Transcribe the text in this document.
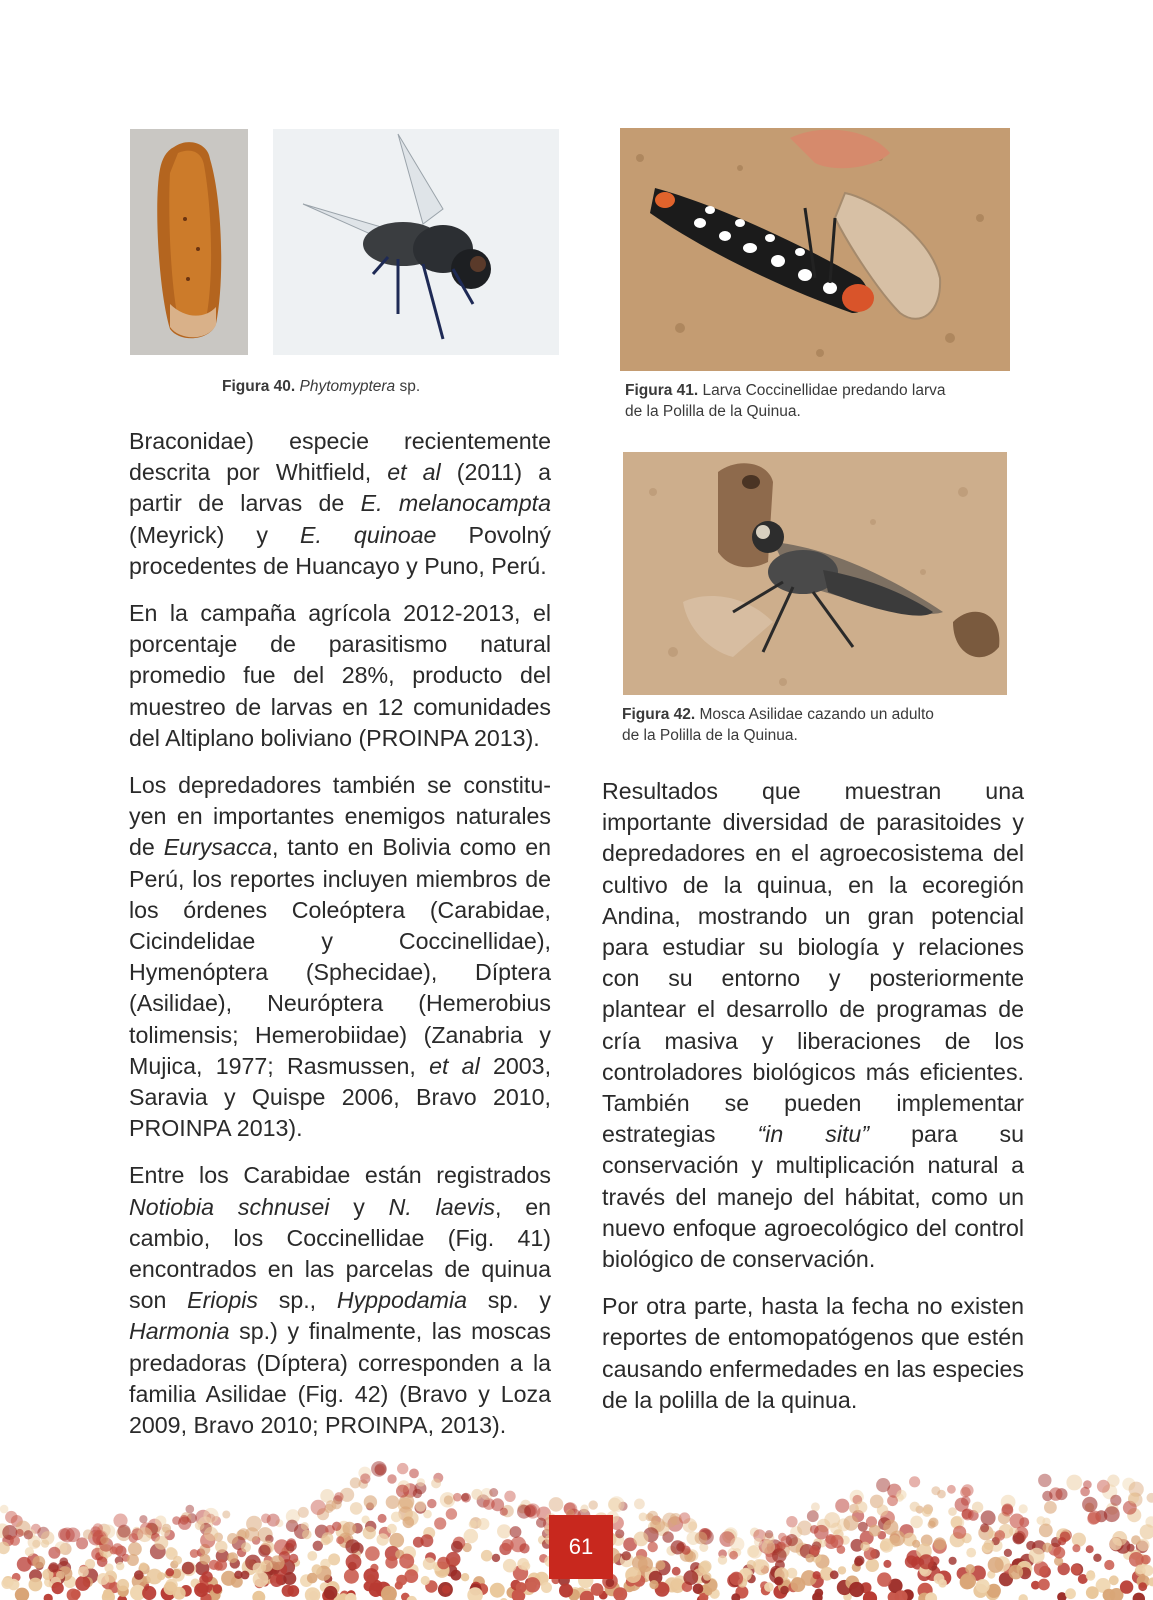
Figura 40. Phytomyptera sp.	Figura 41. Larva Coccinellidae predando larva
de la Polilla de la Quinua.
Figura 42. Mosca Asilidae cazando un adulto
de la Polilla de la Quinua.

Braconidae) especie recientemente descrita por Whitfield, et al (2011) a partir de larvas de E. melanocampta (Meyrick) y E. quinoae Povolný procedentes de Huancayo y Puno, Perú.

En la campaña agrícola 2012-2013, el porcentaje de parasitismo natural promedio fue del 28%, producto del muestreo de larvas en 12 comunidades del Altiplano boliviano (PROINPA 2013).

Los depredadores también se constituyen en importantes enemigos naturales de Eurysacca, tanto en Bolivia como en Perú, los reportes incluyen miembros de los órdenes Coleóptera (Carabidae, Cicindelidae y Coccinellidae), Hymenóptera (Sphecidae), Díptera (Asilidae), Neuróptera (Hemerobius tolimensis; Hemerobiidae) (Zanabria y Mujica, 1977; Rasmussen, et al 2003, Saravia y Quispe 2006, Bravo 2010, PROINPA 2013).

Entre los Carabidae están registrados Notiobia schnusei y N. laevis, en cambio, los Coccinellidae (Fig. 41) encontrados en las parcelas de quinua son Eriopis sp., Hyppodamia sp. y Harmonia sp.) y finalmente, las moscas predadoras (Díptera) corresponden a la familia Asilidae (Fig. 42) (Bravo y Loza 2009, Bravo 2010; PROINPA, 2013).

Resultados que muestran una importante diversidad de parasitoides y depredadores en el agroecosistema del cultivo de la quinua, en la ecoregión Andina, mostrando un gran potencial para estudiar su biología y relaciones con su entorno y posteriormente plantear el desarrollo de programas de cría masiva y liberaciones de los controladores biológicos más eficientes. También se pueden implementar estrategias “in situ” para su conservación y multiplicación natural a través del manejo del hábitat, como un nuevo enfoque agroecológico del control biológico de conservación.

Por otra parte, hasta la fecha no existen reportes de entomopatógenos que estén causando enfermedades en las especies de la polilla de la quinua.

61
